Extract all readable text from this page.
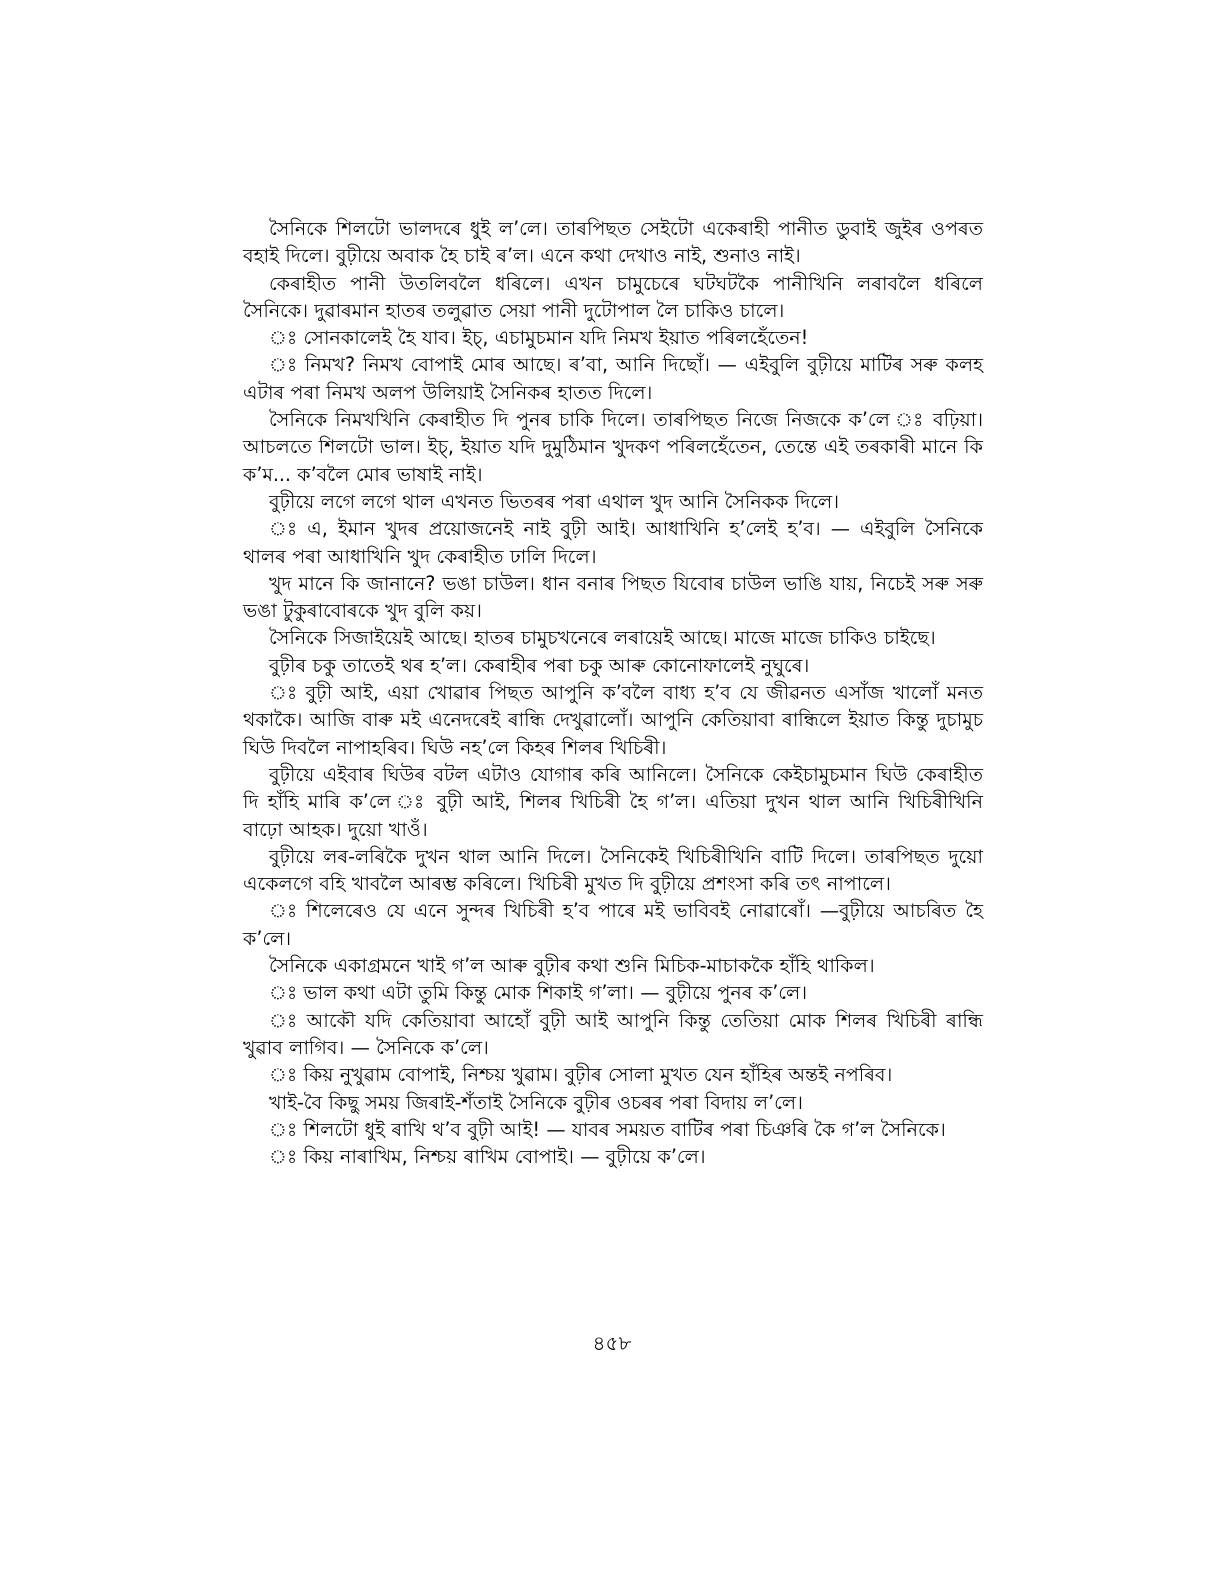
সৈনিকে শিলটো ভালদৰে ধুই ল’লে। তাৰপিছত সেইটো একেৰাহী পানীত ডুবাই জুইৰ ওপৰত বহাই দিলে। বুঢ়ীয়ে অবাক হৈ চাই ৰ’ল। এনে কথা দেখাও নাই, শুনাও নাই।

কেৰাহীত পানী উতলিবলৈ ধৰিলে। এখন চামুচেৰে ঘটঘটকৈ পানীখিনি লৰাবলৈ ধৰিলে সৈনিকে। দুৱাৰমান হাতৰ তলুৱাত সেয়া পানী দুটোপাল লৈ চাকিও চালে।

ঃ সোনকালেই হৈ যাব। ইচ্, এচামুচমান যদি নিমখ ইয়াত পৰিলহেঁতেন!

ঃ নিমখ? নিমখ বোপাই মোৰ আছে। ৰ’বা, আনি দিছোঁ। — এইবুলি বুঢ়ীয়ে মাটিৰ সৰু কলহ এটাৰ পৰা নিমখ অলপ উলিয়াই সৈনিকৰ হাতত দিলে।

সৈনিকে নিমখখিনি কেৰাহীত দি পুনৰ চাকি দিলে। তাৰপিছত নিজে নিজকে ক’লে ঃ বঢ়িয়া। আচলতে শিলটো ভাল। ইচ্, ইয়াত যদি দুমুঠিমান খুদকণ পৰিলহেঁতেন, তেন্তে এই তৰকাৰী মানে কি ক’ম... ক’বলৈ মোৰ ভাষাই নাই।

বুঢ়ীয়ে লগে লগে থাল এখনত ভিতৰৰ পৰা এথাল খুদ আনি সৈনিকক দিলে।

ঃ এ, ইমান খুদৰ প্ৰয়োজনেই নাই বুঢ়ী আই। আধাখিনি হ’লেই হ’ব। — এইবুলি সৈনিকে থালৰ পৰা আধাখিনি খুদ কেৰাহীত ঢালি দিলে।

খুদ মানে কি জানানে? ভঙা চাউল। ধান বনাৰ পিছত যিবোৰ চাউল ভাঙি যায়, নিচেই সৰু সৰু ভঙা টুকুৰাবোৰকে খুদ বুলি কয়।

সৈনিকে সিজাইয়েই আছে। হাতৰ চামুচখনেৰে লৰায়েই আছে। মাজে মাজে চাকিও চাইছে।

বুঢ়ীৰ চকু তাতেই থৰ হ’ল। কেৰাহীৰ পৰা চকু আৰু কোনোফালেই নুঘুৰে।

ঃ বুঢ়ী আই, এয়া খোৱাৰ পিছত আপুনি ক’বলৈ বাধ্য হ’ব যে জীৱনত এসাঁজ খালোঁ মনত থকাকৈ। আজি বাৰু মই এনেদৰেই ৰান্ধি দেখুৱালোঁ। আপুনি কেতিয়াবা ৰান্ধিলে ইয়াত কিন্তু দুচামুচ ঘিউ দিবলৈ নাপাহৰিব। ঘিউ নহ’লে কিহৰ শিলৰ খিচিৰী।

বুঢ়ীয়ে এইবাৰ ঘিউৰ বটল এটাও যোগাৰ কৰি আনিলে। সৈনিকে কেইচামুচমান ঘিউ কেৰাহীত দি হাঁহি মাৰি ক’লে ঃ বুঢ়ী আই, শিলৰ খিচিৰী হৈ গ’ল। এতিয়া দুখন থাল আনি খিচিৰীখিনি বাঢ়ো আহক। দুয়ো খাওঁ।

বুঢ়ীয়ে লৰ-লৰিকৈ দুখন থাল আনি দিলে। সৈনিকেই খিচিৰীখিনি বাটি দিলে। তাৰপিছত দুয়ো একেলগে বহি খাবলৈ আৰম্ভ কৰিলে। খিচিৰী মুখত দি বুঢ়ীয়ে প্ৰশংসা কৰি তৎ নাপালে।

ঃ শিলেৰেও যে এনে সুন্দৰ খিচিৰী হ’ব পাৰে মই ভাবিবই নোৱাৰোঁ। —বুঢ়ীয়ে আচৰিত হৈ ক’লে।

সৈনিকে একাগ্ৰমনে খাই গ’ল আৰু বুঢ়ীৰ কথা শুনি মিচিক-মাচাককৈ হাঁহি থাকিল।

ঃ ভাল কথা এটা তুমি কিন্তু মোক শিকাই গ’লা। — বুঢ়ীয়ে পুনৰ ক’লে।

ঃ আকৌ যদি কেতিয়াবা আহোঁ বুঢ়ী আই আপুনি কিন্তু তেতিয়া মোক শিলৰ খিচিৰী ৰান্ধি খুৱাব লাগিব। — সৈনিকে ক’লে।

ঃ কিয় নুখুৱাম বোপাই, নিশ্চয় খুৱাম। বুঢ়ীৰ সোলা মুখত যেন হাঁহিৰ অন্তই নপৰিব।

খাই-বৈ কিছু সময় জিৰাই-শঁতাই সৈনিকে বুঢ়ীৰ ওচৰৰ পৰা বিদায় ল’লে।

ঃ শিলটো ধুই ৰাখি থ’ব বুঢ়ী আই! — যাবৰ সময়ত বাটিৰ পৰা চিঞৰি কৈ গ’ল সৈনিকে।

ঃ কিয় নাৰাখিম, নিশ্চয় ৰাখিম বোপাই। — বুঢ়ীয়ে ক’লে।

৪৫৮
